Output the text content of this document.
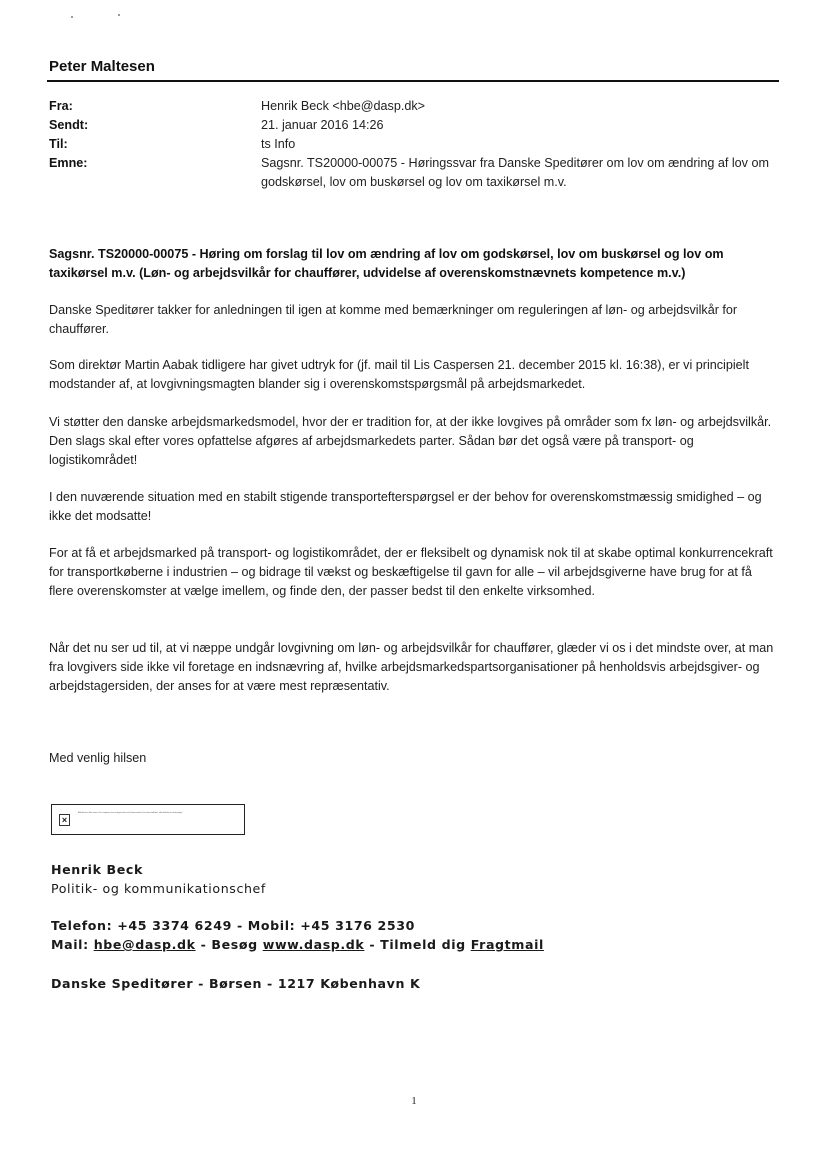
Peter Maltesen
Fra:	Henrik Beck <hbe@dasp.dk>
Sendt:	21. januar 2016 14:26
Til:	ts Info
Emne:	Sagsnr. TS20000-00075 - Høringssvar fra Danske Speditører om lov om ændring af lov om godskørsel, lov om buskørsel og lov om taxikørsel m.v.
Sagsnr. TS20000-00075 - Høring om forslag til lov om ændring af lov om godskørsel, lov om buskørsel og lov om taxikørsel m.v. (Løn- og arbejdsvilkår for chauffører, udvidelse af overenskomstnævnets kompetence m.v.)
Danske Speditører takker for anledningen til igen at komme med bemærkninger om reguleringen af løn- og arbejdsvilkår for chauffører.
Som direktør Martin Aabak tidligere har givet udtryk for (jf. mail til Lis Caspersen 21. december 2015 kl. 16:38), er vi principielt modstander af, at lovgivningsmagten blander sig i overenskomstspørgsmål på arbejdsmarkedet.
Vi støtter den danske arbejdsmarkedsmodel, hvor der er tradition for, at der ikke lovgives på områder som fx løn- og arbejdsvilkår. Den slags skal efter vores opfattelse afgøres af arbejdsmarkedets parter. Sådan bør det også være på transport- og logistikområdet!
I den nuværende situation med en stabilt stigende transportefterspørgsel er der behov for overenskomstmæssig smidighed – og ikke det modsatte!
For at få et arbejdsmarked på transport- og logistikområdet, der er fleksibelt og dynamisk nok til at skabe optimal konkurrencekraft for transportkøberne i industrien – og bidrage til vækst og beskæftigelse til gavn for alle – vil arbejdsgiverne have brug for at få flere overenskomster at vælge imellem, og finde den, der passer bedst til den enkelte virksomhed.
Når det nu ser ud til, at vi næppe undgår lovgivning om løn- og arbejdsvilkår for chauffører, glæder vi os i det mindste over, at man fra lovgivers side ikke vil foretage en indsnævring af, hvilke arbejdsmarkedspartsorganisationer på henholdsvis arbejdsgiver- og arbejdstagersiden, der anses for at være mest repræsentativ.
Med venlig hilsen
×
Billedet kan ikke vises. Din computer har muligvis ikke nok hukommelse til at åbne billedet, eller billedet er beskadiget.
Henrik Beck
Politik- og kommunikationschef
Telefon: +45 3374 6249 - Mobil: +45 3176 2530
Mail: hbe@dasp.dk - Besøg www.dasp.dk - Tilmeld dig Fragtmail
Danske Speditører - Børsen - 1217 København K
1
